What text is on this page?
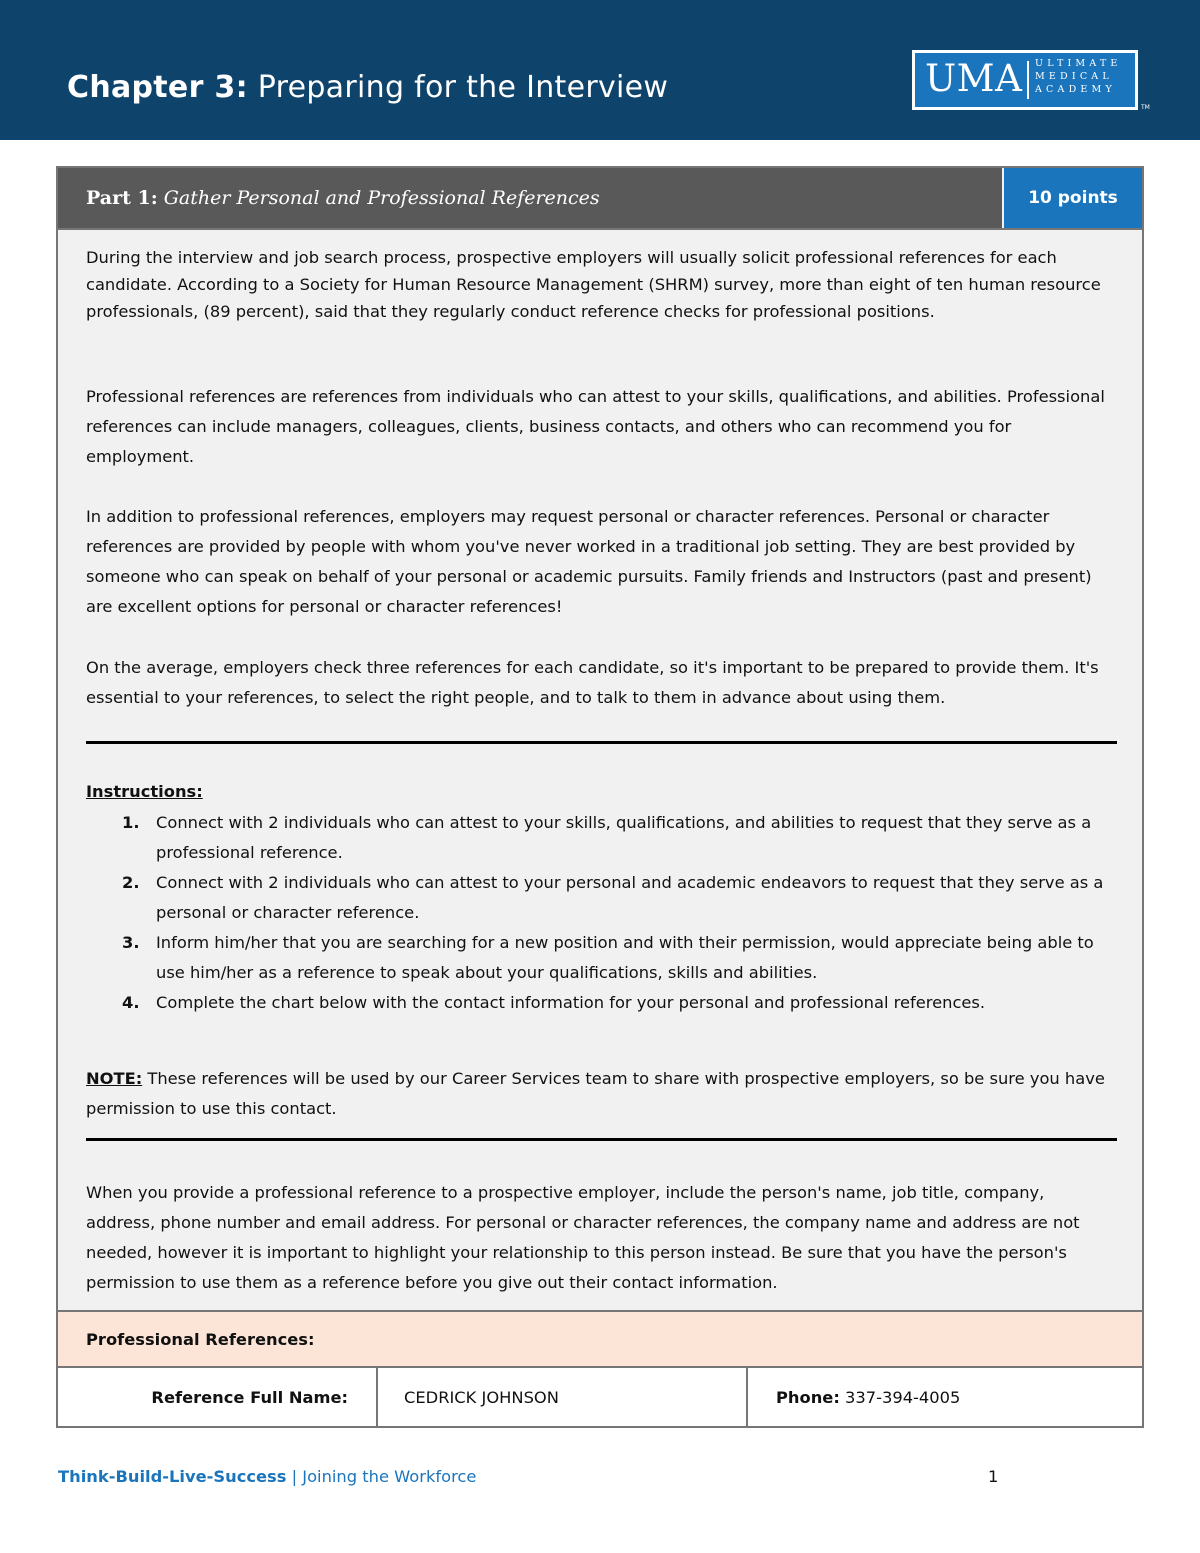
Chapter 3: Preparing for the Interview	UMA ULTIMATE
MEDICAL
ACADEMY
TM
Part 1: Gather Personal and Professional References	10 points

During the interview and job search process, prospective employers will usually solicit professional references for each candidate. According to a Society for Human Resource Management (SHRM) survey, more than eight of ten human resource professionals, (89 percent), said that they regularly conduct reference checks for professional positions.

Professional references are references from individuals who can attest to your skills, qualifications, and abilities. Professional references can include managers, colleagues, clients, business contacts, and others who can recommend you for employment.

In addition to professional references, employers may request personal or character references. Personal or character references are provided by people with whom you've never worked in a traditional job setting. They are best provided by someone who can speak on behalf of your personal or academic pursuits. Family friends and Instructors (past and present) are excellent options for personal or character references!

On the average, employers check three references for each candidate, so it's important to be prepared to provide them. It's essential to your references, to select the right people, and to talk to them in advance about using them.

Instructions:

1. Connect with 2 individuals who can attest to your skills, qualifications, and abilities to request that they serve as a professional reference.
2. Connect with 2 individuals who can attest to your personal and academic endeavors to request that they serve as a personal or character reference.
3. Inform him/her that you are searching for a new position and with their permission, would appreciate being able to use him/her as a reference to speak about your qualifications, skills and abilities.
4. Complete the chart below with the contact information for your personal and professional references.

NOTE: These references will be used by our Career Services team to share with prospective employers, so be sure you have permission to use this contact.

When you provide a professional reference to a prospective employer, include the person's name, job title, company, address, phone number and email address. For personal or character references, the company name and address are not needed, however it is important to highlight your relationship to this person instead. Be sure that you have the person's permission to use them as a reference before you give out their contact information.

Professional References:
Reference Full Name:	CEDRICK JOHNSON	Phone: 337-394-4005

Think-Build-Live-Success | Joining the Workforce	1
